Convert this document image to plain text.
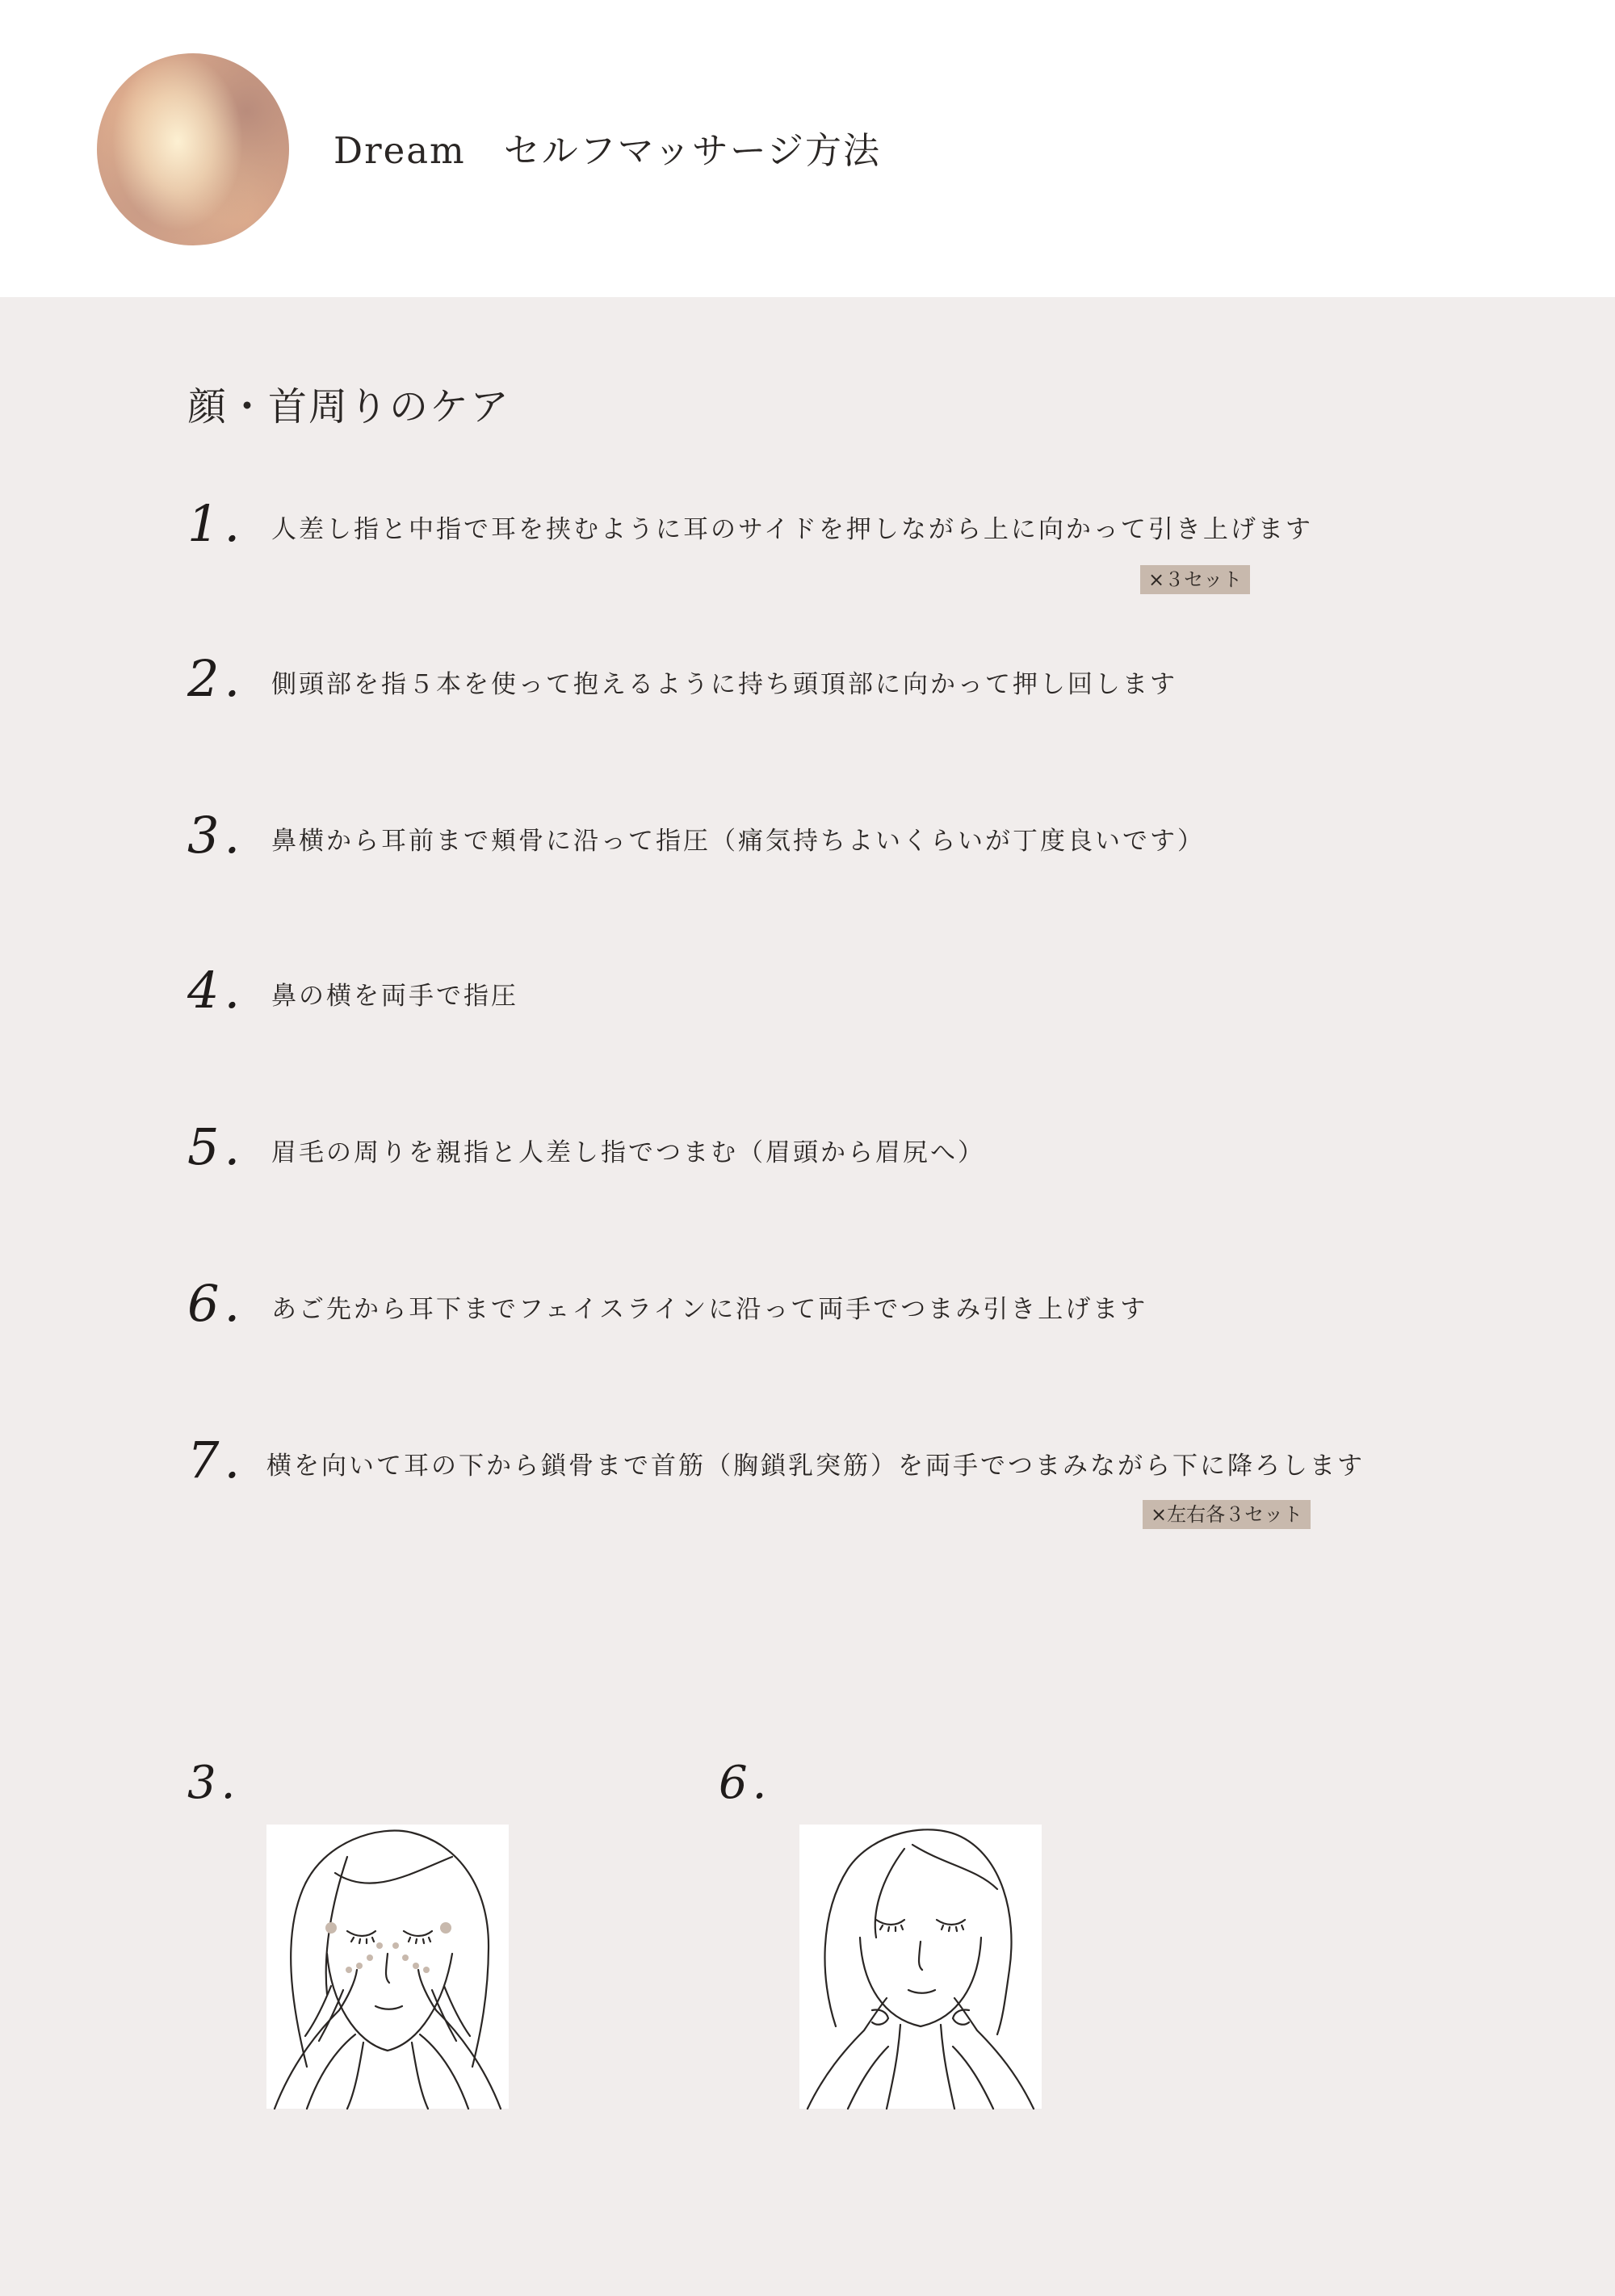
Dream　セルフマッサージ方法
顔・首周りのケア
1. 人差し指と中指で耳を挟むように耳のサイドを押しながら上に向かって引き上げます
×３セット
2. 側頭部を指５本を使って抱えるように持ち頭頂部に向かって押し回します
3. 鼻横から耳前まで頬骨に沿って指圧（痛気持ちよいくらいが丁度良いです）
4. 鼻の横を両手で指圧
5. 眉毛の周りを親指と人差し指でつまむ（眉頭から眉尻へ）
6. あご先から耳下までフェイスラインに沿って両手でつまみ引き上げます
7. 横を向いて耳の下から鎖骨まで首筋（胸鎖乳突筋）を両手でつまみながら下に降ろします
×左右各３セット
3.	6.
